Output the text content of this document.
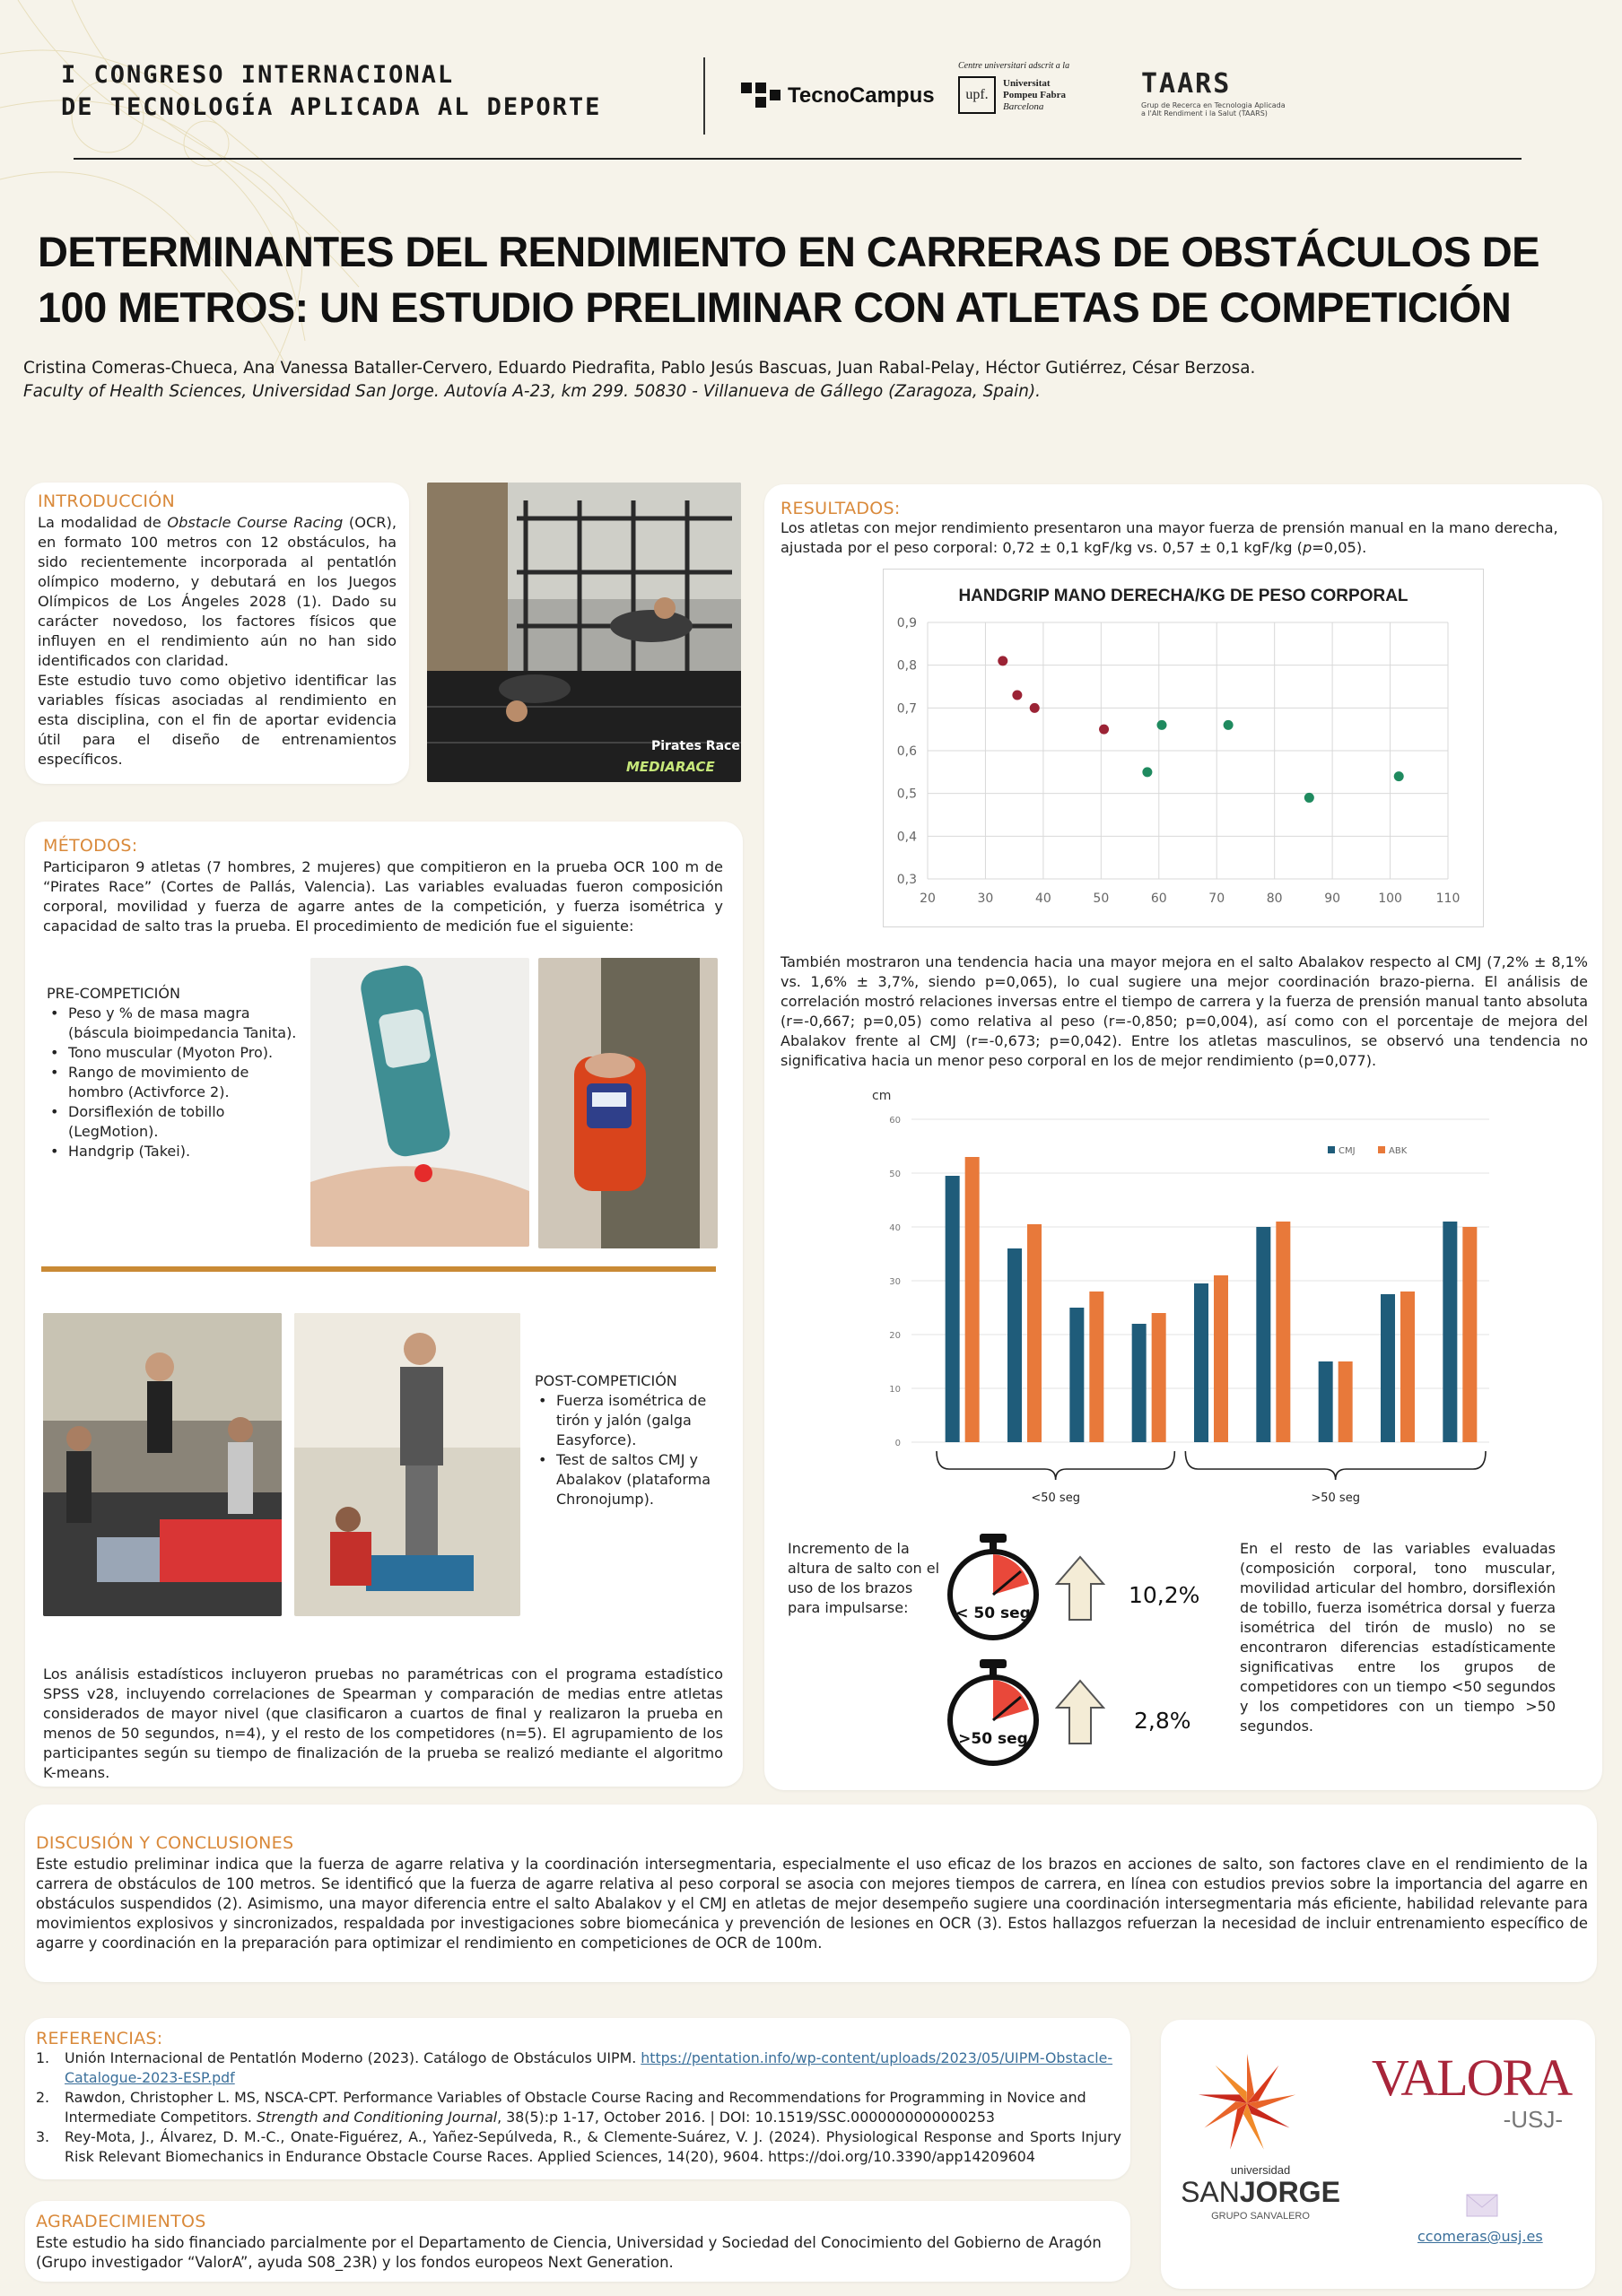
I CONGRESO INTERNACIONAL
DE TECNOLOGÍA APLICADA AL DEPORTE	TecnoCampus
Centre universitari adscrit a la
upf.
Universitat
Pompeu Fabra
Barcelona
TAARS
Grup de Recerca en Tecnologia Aplicada
a l'Alt Rendiment i la Salut (TAARS)
DETERMINANTES DEL RENDIMIENTO EN CARRERAS DE OBSTÁCULOS DE
100 METROS: UN ESTUDIO PRELIMINAR CON ATLETAS DE COMPETICIÓN
Cristina Comeras-Chueca, Ana Vanessa Bataller-Cervero, Eduardo Piedrafita, Pablo Jesús Bascuas, Juan Rabal-Pelay, Héctor Gutiérrez, César Berzosa.
Faculty of Health Sciences, Universidad San Jorge. Autovía A-23, km 299. 50830 - Villanueva de Gállego (Zaragoza, Spain).
INTRODUCCIÓN

La modalidad de Obstacle Course Racing (OCR), en formato 100 metros con 12 obstáculos, ha sido recientemente incorporada al pentatlón olímpico moderno, y debutará en los Juegos Olímpicos de Los Ángeles 2028 (1). Dado su carácter novedoso, los factores físicos que influyen en el rendimiento aún no han sido identificados con claridad.

Este estudio tuvo como objetivo identificar las variables físicas asociadas al rendimiento en esta disciplina, con el fin de aportar evidencia útil para el diseño de entrenamientos específicos.

Pirates Race
MEDIARACE
MÉTODOS:
Participaron 9 atletas (7 hombres, 2 mujeres) que compitieron en la prueba OCR 100 m de “Pirates Race” (Cortes de Pallás, Valencia). Las variables evaluadas fueron composición corporal, movilidad y fuerza de agarre antes de la competición, y fuerza isométrica y capacidad de salto tras la prueba. El procedimiento de medición fue el siguiente:
PRE-COMPETICIÓN
• Peso y % de masa magra (báscula bioimpedancia Tanita).
• Tono muscular (Myoton Pro).
• Rango de movimiento de hombro (Activforce 2).
• Dorsiflexión de tobillo (LegMotion).
• Handgrip (Takei).
POST-COMPETICIÓN
• Fuerza isométrica de tirón y jalón (galga Easyforce).
• Test de saltos CMJ y Abalakov (plataforma Chronojump).
Los análisis estadísticos incluyeron pruebas no paramétricas con el programa estadístico SPSS v28, incluyendo correlaciones de Spearman y comparación de medias entre atletas considerados de mayor nivel (que clasificaron a cuartos de final y realizaron la prueba en menos de 50 segundos, n=4), y el resto de los competidores (n=5). El agrupamiento de los participantes según su tiempo de finalización de la prueba se realizó mediante el algoritmo K-means.
RESULTADOS:
Los atletas con mejor rendimiento presentaron una mayor fuerza de prensión manual en la mano derecha, ajustada por el peso corporal: 0,72 ± 0,1 kgF/kg vs. 0,57 ± 0,1 kgF/kg (p=0,05).
HANDGRIP MANO DERECHA/KG DE PESO CORPORAL
0,3
0,4
0,5
0,6
0,7
0,8
0,9
20	30	40	50	60	70	80	90	100	110
También mostraron una tendencia hacia una mayor mejora en el salto Abalakov respecto al CMJ (7,2% ± 8,1% vs. 1,6% ± 3,7%, siendo p=0,065), lo cual sugiere una mejor coordinación brazo-pierna. El análisis de correlación mostró relaciones inversas entre el tiempo de carrera y la fuerza de prensión manual tanto absoluta (r=-0,667; p=0,05) como relativa al peso (r=-0,850; p=0,004), así como con el porcentaje de mejora del Abalakov frente al CMJ (r=-0,673; p=0,042). Entre los atletas masculinos, se observó una tendencia no significativa hacia un menor peso corporal en los de mejor rendimiento (p=0,077).
cm
0
10
20
30
40
50
60
CMJ	ABK
<50 seg	>50 seg
Incremento de la altura de salto con el uso de los brazos para impulsarse:	< 50 seg
10,2%
>50 seg
2,8%
En el resto de las variables evaluadas (composición corporal, tono muscular, movilidad articular del hombro, dorsiflexión de tobillo, fuerza isométrica dorsal y fuerza isométrica del tirón de muslo) no se encontraron diferencias estadísticamente significativas entre los grupos de competidores con un tiempo <50 segundos y los competidores con un tiempo >50 segundos.
DISCUSIÓN Y CONCLUSIONES
Este estudio preliminar indica que la fuerza de agarre relativa y la coordinación intersegmentaria, especialmente el uso eficaz de los brazos en acciones de salto, son factores clave en el rendimiento de la carrera de obstáculos de 100 metros. Se identificó que la fuerza de agarre relativa al peso corporal se asocia con mejores tiempos de carrera, en línea con estudios previos sobre la importancia del agarre en obstáculos suspendidos (2). Asimismo, una mayor diferencia entre el salto Abalakov y el CMJ en atletas de mejor desempeño sugiere una coordinación intersegmentaria más eficiente, habilidad relevante para movimientos explosivos y sincronizados, respaldada por investigaciones sobre biomecánica y prevención de lesiones en OCR (3). Estos hallazgos refuerzan la necesidad de incluir entrenamiento específico de agarre y coordinación en la preparación para optimizar el rendimiento en competiciones de OCR de 100m.
REFERENCIAS:
1. Unión Internacional de Pentatlón Moderno (2023). Catálogo de Obstáculos UIPM. https://pentation.info/wp-content/uploads/2023/05/UIPM-Obstacle-Catalogue-2023-ESP.pdf
2. Rawdon, Christopher L. MS, NSCA-CPT. Performance Variables of Obstacle Course Racing and Recommendations for Programming in Novice and Intermediate Competitors. Strength and Conditioning Journal, 38(5):p 1-17, October 2016. | DOI: 10.1519/SSC.0000000000000253
3. Rey-Mota, J., Álvarez, D. M.-C., Onate-Figuérez, A., Yañez-Sepúlveda, R., & Clemente-Suárez, V. J. (2024). Physiological Response and Sports Injury Risk Relevant Biomechanics in Endurance Obstacle Course Races. Applied Sciences, 14(20), 9604. https://doi.org/10.3390/app14209604
AGRADECIMIENTOS
Este estudio ha sido financiado parcialmente por el Departamento de Ciencia, Universidad y Sociedad del Conocimiento del Gobierno de Aragón (Grupo investigador “ValorA”, ayuda S08_23R) y los fondos europeos Next Generation.
universidad
SANJORGE
GRUPO SANVALERO
VALORA
-USJ-
ccomeras@usj.es
